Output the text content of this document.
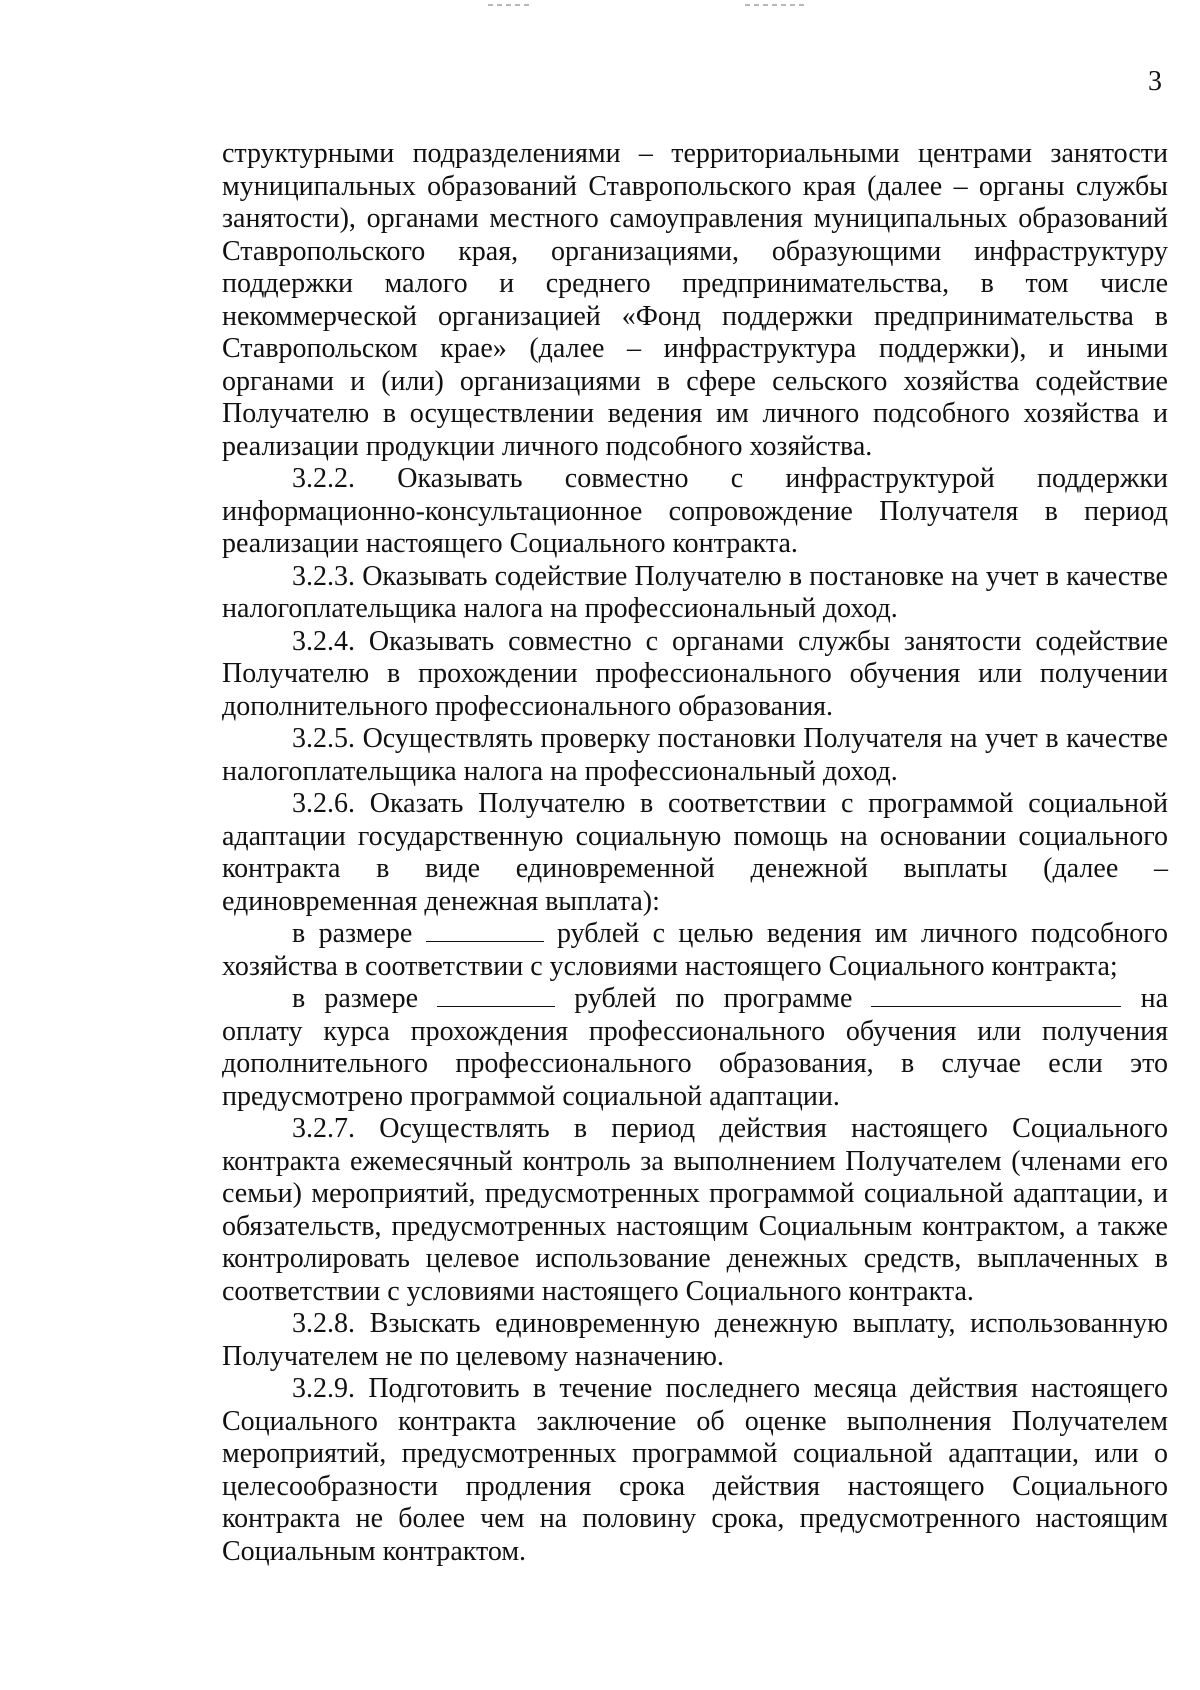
3

структурными подразделениями – территориальными центрами занятости муниципальных образований Ставропольского края (далее – органы службы занятости), органами местного самоуправления муниципальных образований Ставропольского края, организациями, образующими инфраструктуру поддержки малого и среднего предпринимательства, в том числе некоммерческой организацией «Фонд поддержки предпринимательства в Ставропольском крае» (далее – инфраструктура поддержки), и иными органами и (или) организациями в сфере сельского хозяйства содействие Получателю в осуществлении ведения им личного подсобного хозяйства и реализации продукции личного подсобного хозяйства.

3.2.2. Оказывать совместно с инфраструктурой поддержки информационно-консультационное сопровождение Получателя в период реализации настоящего Социального контракта.

3.2.3. Оказывать содействие Получателю в постановке на учет в качестве налогоплательщика налога на профессиональный доход.

3.2.4. Оказывать совместно с органами службы занятости содействие Получателю в прохождении профессионального обучения или получении дополнительного профессионального образования.

3.2.5. Осуществлять проверку постановки Получателя на учет в качестве налогоплательщика налога на профессиональный доход.

3.2.6. Оказать Получателю в соответствии с программой социальной адаптации государственную социальную помощь на основании социального контракта в виде единовременной денежной выплаты (далее – единовременная денежная выплата):

в размере	рублей с целью ведения им личного подсобного хозяйства в соответствии с условиями настоящего Социального контракта;

в размере	рублей по программе	на оплату курса прохождения профессионального обучения или получения дополнительного профессионального образования, в случае если это предусмотрено программой социальной адаптации.

3.2.7. Осуществлять в период действия настоящего Социального контракта ежемесячный контроль за выполнением Получателем (членами его семьи) мероприятий, предусмотренных программой социальной адаптации, и обязательств, предусмотренных настоящим Социальным контрактом, а также контролировать целевое использование денежных средств, выплаченных в соответствии с условиями настоящего Социального контракта.

3.2.8. Взыскать единовременную денежную выплату, использованную Получателем не по целевому назначению.

3.2.9. Подготовить в течение последнего месяца действия настоящего Социального контракта заключение об оценке выполнения Получателем мероприятий, предусмотренных программой социальной адаптации, или о целесообразности продления срока действия настоящего Социального контракта не более чем на половину срока, предусмотренного настоящим Социальным контрактом.
